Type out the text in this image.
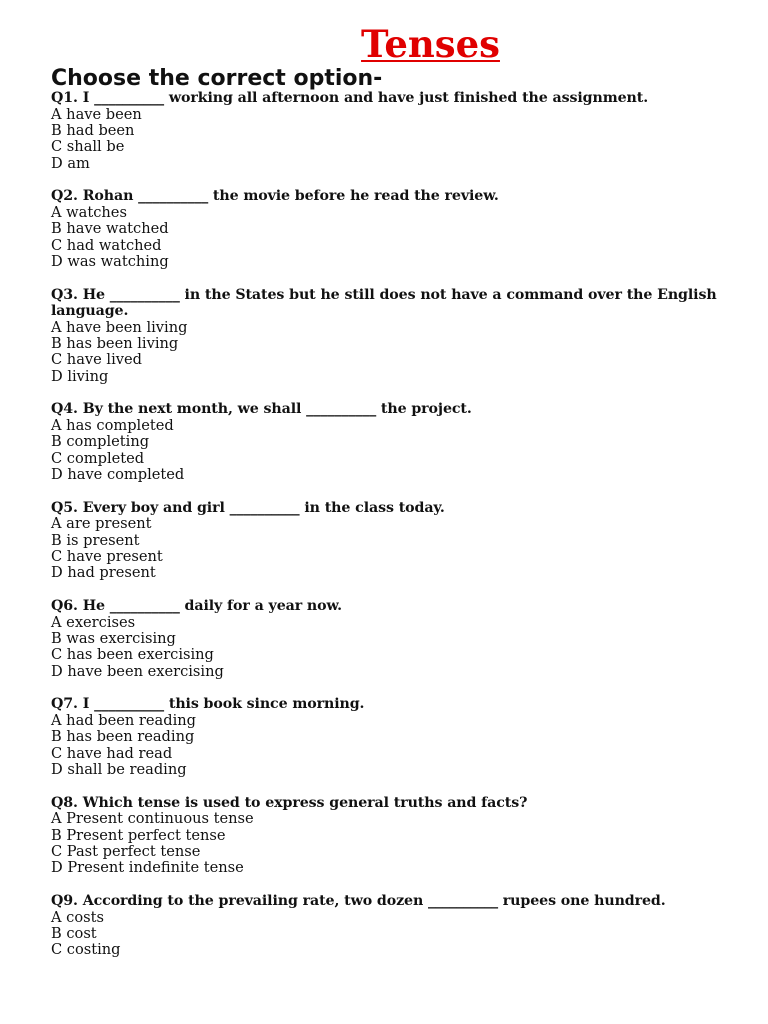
Tenses
Choose the correct option-
Q1. I __________ working all afternoon and have just finished the assignment.
A have been
B had been
C shall be
D am
Q2. Rohan __________ the movie before he read the review.
A watches
B have watched
C had watched
D was watching
Q3. He __________ in the States but he still does not have a command over the English language.
A have been living
B has been living
C have lived
D living
Q4. By the next month, we shall __________ the project.
A has completed
B completing
C completed
D have completed
Q5. Every boy and girl __________ in the class today.
A are present
B is present
C have present
D had present
Q6. He __________ daily for a year now.
A exercises
B was exercising
C has been exercising
D have been exercising
Q7. I __________ this book since morning.
A had been reading
B has been reading
C have had read
D shall be reading
Q8. Which tense is used to express general truths and facts?
A Present continuous tense
B Present perfect tense
C Past perfect tense
D Present indefinite tense
Q9. According to the prevailing rate, two dozen __________ rupees one hundred.
A costs
B cost
C costing
